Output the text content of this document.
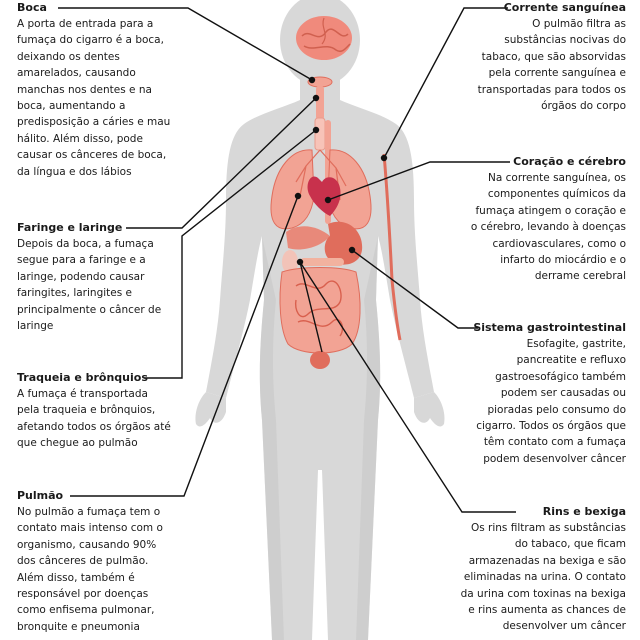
Boca
A porta de entrada para a
fumaça do cigarro é a boca,
deixando os dentes
amarelados, causando
manchas nos dentes e na
boca, aumentando a
predisposição a cáries e mau
hálito. Além disso, pode
causar os cânceres de boca,
da língua e dos lábios
Faringe e laringe
Depois da boca, a fumaça
segue para a faringe e a
laringe, podendo causar
faringites, laringites e
principalmente o câncer de
laringe
Traqueia e brônquios
A fumaça é transportada
pela traqueia e brônquios,
afetando todos os órgãos até
que chegue ao pulmão
Pulmão
No pulmão a fumaça tem o
contato mais intenso com o
organismo, causando 90%
dos cânceres de pulmão.
Além disso, também é
responsável por doenças
como enfisema pulmonar,
bronquite e pneumonia
Corrente sanguínea
O pulmão filtra as
substâncias nocivas do
tabaco, que são absorvidas
pela corrente sanguínea e
transportadas para todos os
órgãos do corpo
Coração e cérebro
Na corrente sanguínea, os
componentes químicos da
fumaça atingem o coração e
o cérebro, levando à doenças
cardiovasculares, como o
infarto do miocárdio e o
derrame cerebral
Sistema gastrointestinal
Esofagite, gastrite,
pancreatite e refluxo
gastroesofágico também
podem ser causadas ou
pioradas pelo consumo do
cigarro. Todos os órgãos que
têm contato com a fumaça
podem desenvolver câncer
Rins e bexiga
Os rins filtram as substâncias
do tabaco, que ficam
armazenadas na bexiga e são
eliminadas na urina. O contato
da urina com toxinas na bexiga
e rins aumenta as chances de
desenvolver um câncer
